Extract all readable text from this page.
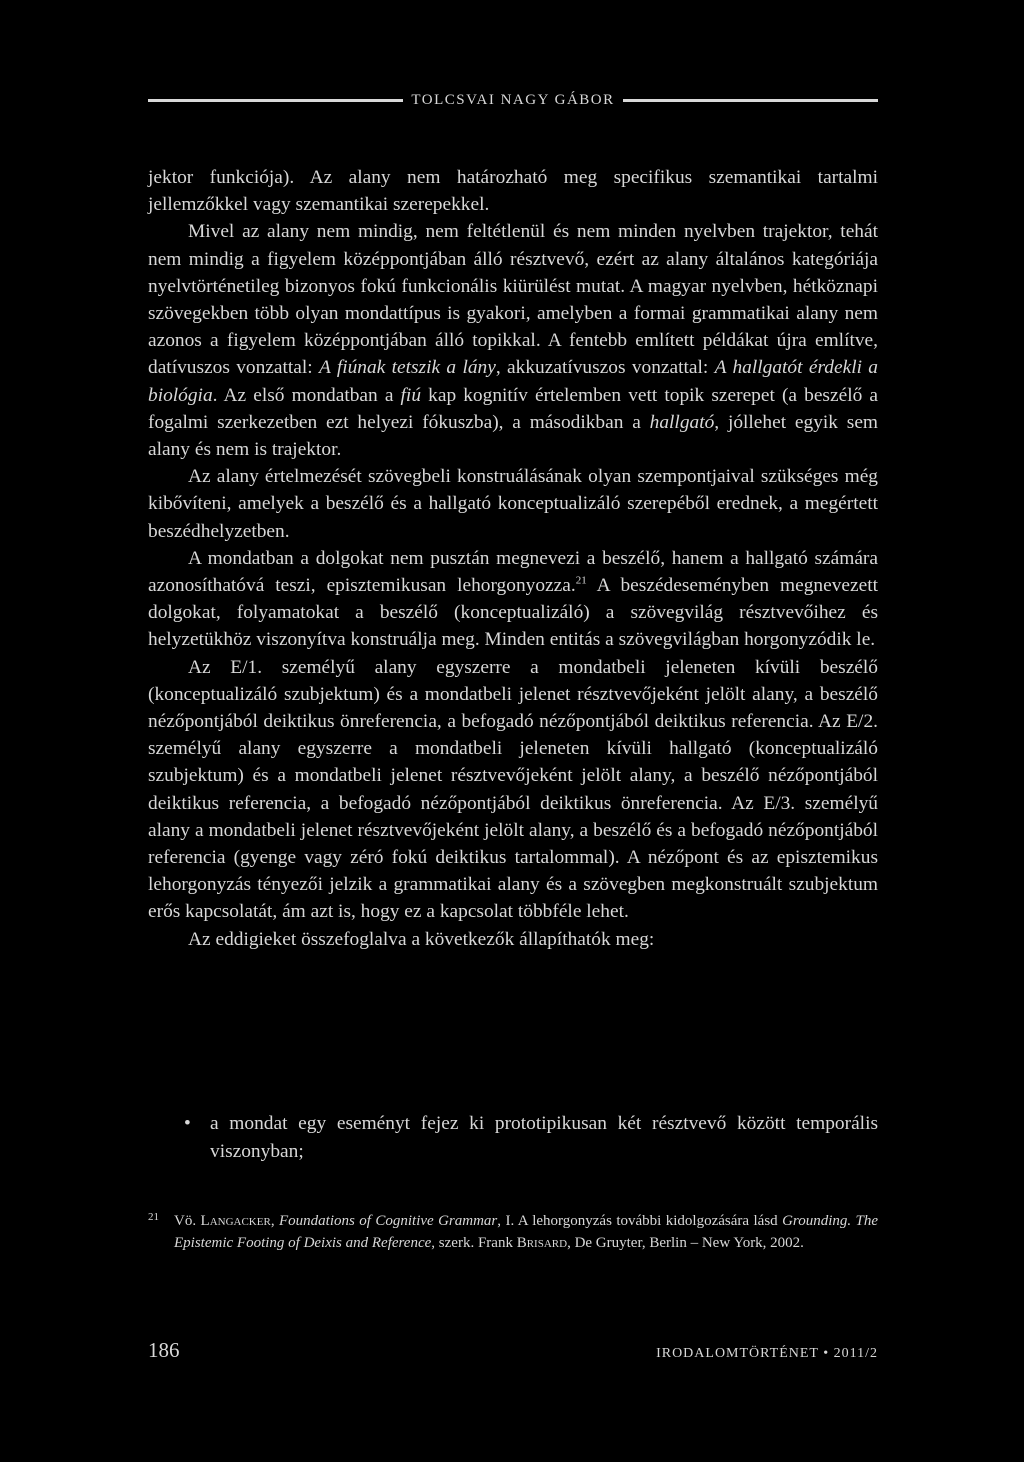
TOLCSVAI NAGY GÁBOR

jektor funkciója). Az alany nem határozható meg specifikus szemantikai tartalmi jellemzőkkel vagy szemantikai szerepekkel.

Mivel az alany nem mindig, nem feltétlenül és nem minden nyelvben trajektor, tehát nem mindig a figyelem középpontjában álló résztvevő, ezért az alany általános kategóriája nyelvtörténetileg bizonyos fokú funkcionális kiürülést mutat. A magyar nyelvben, hétköznapi szövegekben több olyan mondattípus is gyakori, amelyben a formai grammatikai alany nem azonos a figyelem középpontjában álló topikkal. A fentebb említett példákat újra említve, datívuszos vonzattal: A fiúnak tetszik a lány, akkuzatívuszos vonzattal: A hallgatót érdekli a biológia. Az első mondatban a fiú kap kognitív értelemben vett topik szerepet (a beszélő a fogalmi szerkezetben ezt helyezi fókuszba), a másodikban a hallgató, jóllehet egyik sem alany és nem is trajektor.

Az alany értelmezését szövegbeli konstruálásának olyan szempontjaival szükséges még kibővíteni, amelyek a beszélő és a hallgató konceptualizáló szerepéből erednek, a megértett beszédhelyzetben.

A mondatban a dolgokat nem pusztán megnevezi a beszélő, hanem a hallgató számára azonosíthatóvá teszi, episztemikusan lehorgonyozza.$^{21}$ A beszédeseményben megnevezett dolgokat, folyamatokat a beszélő (konceptualizáló) a szövegvilág résztvevőihez és helyzetükhöz viszonyítva konstruálja meg. Minden entitás a szövegvilágban horgonyzódik le.

Az E/1. személyű alany egyszerre a mondatbeli jeleneten kívüli beszélő (konceptualizáló szubjektum) és a mondatbeli jelenet résztvevőjeként jelölt alany, a beszélő nézőpontjából deiktikus önreferencia, a befogadó nézőpontjából deiktikus referencia. Az E/2. személyű alany egyszerre a mondatbeli jeleneten kívüli hallgató (konceptualizáló szubjektum) és a mondatbeli jelenet résztvevőjeként jelölt alany, a beszélő nézőpontjából deiktikus referencia, a befogadó nézőpontjából deiktikus önreferencia. Az E/3. személyű alany a mondatbeli jelenet résztvevőjeként jelölt alany, a beszélő és a befogadó nézőpontjából referencia (gyenge vagy zéró fokú deiktikus tartalommal). A nézőpont és az episztemikus lehorgonyzás tényezői jelzik a grammatikai alany és a szövegben megkonstruált szubjektum erős kapcsolatát, ám azt is, hogy ez a kapcsolat többféle lehet.

Az eddigieket összefoglalva a következők állapíthatók meg:

• a mondat egy eseményt fejez ki prototipikusan két résztvevő között temporális viszonyban;
21	Vö. Langacker, Foundations of Cognitive Grammar, I. A lehorgonyzás további kidolgozására lásd Grounding. The Epistemic Footing of Deixis and Reference, szerk. Frank Brisard, De Gruyter, Berlin – New York, 2002.
186	IRODALOMTÖRTÉNET • 2011/2
